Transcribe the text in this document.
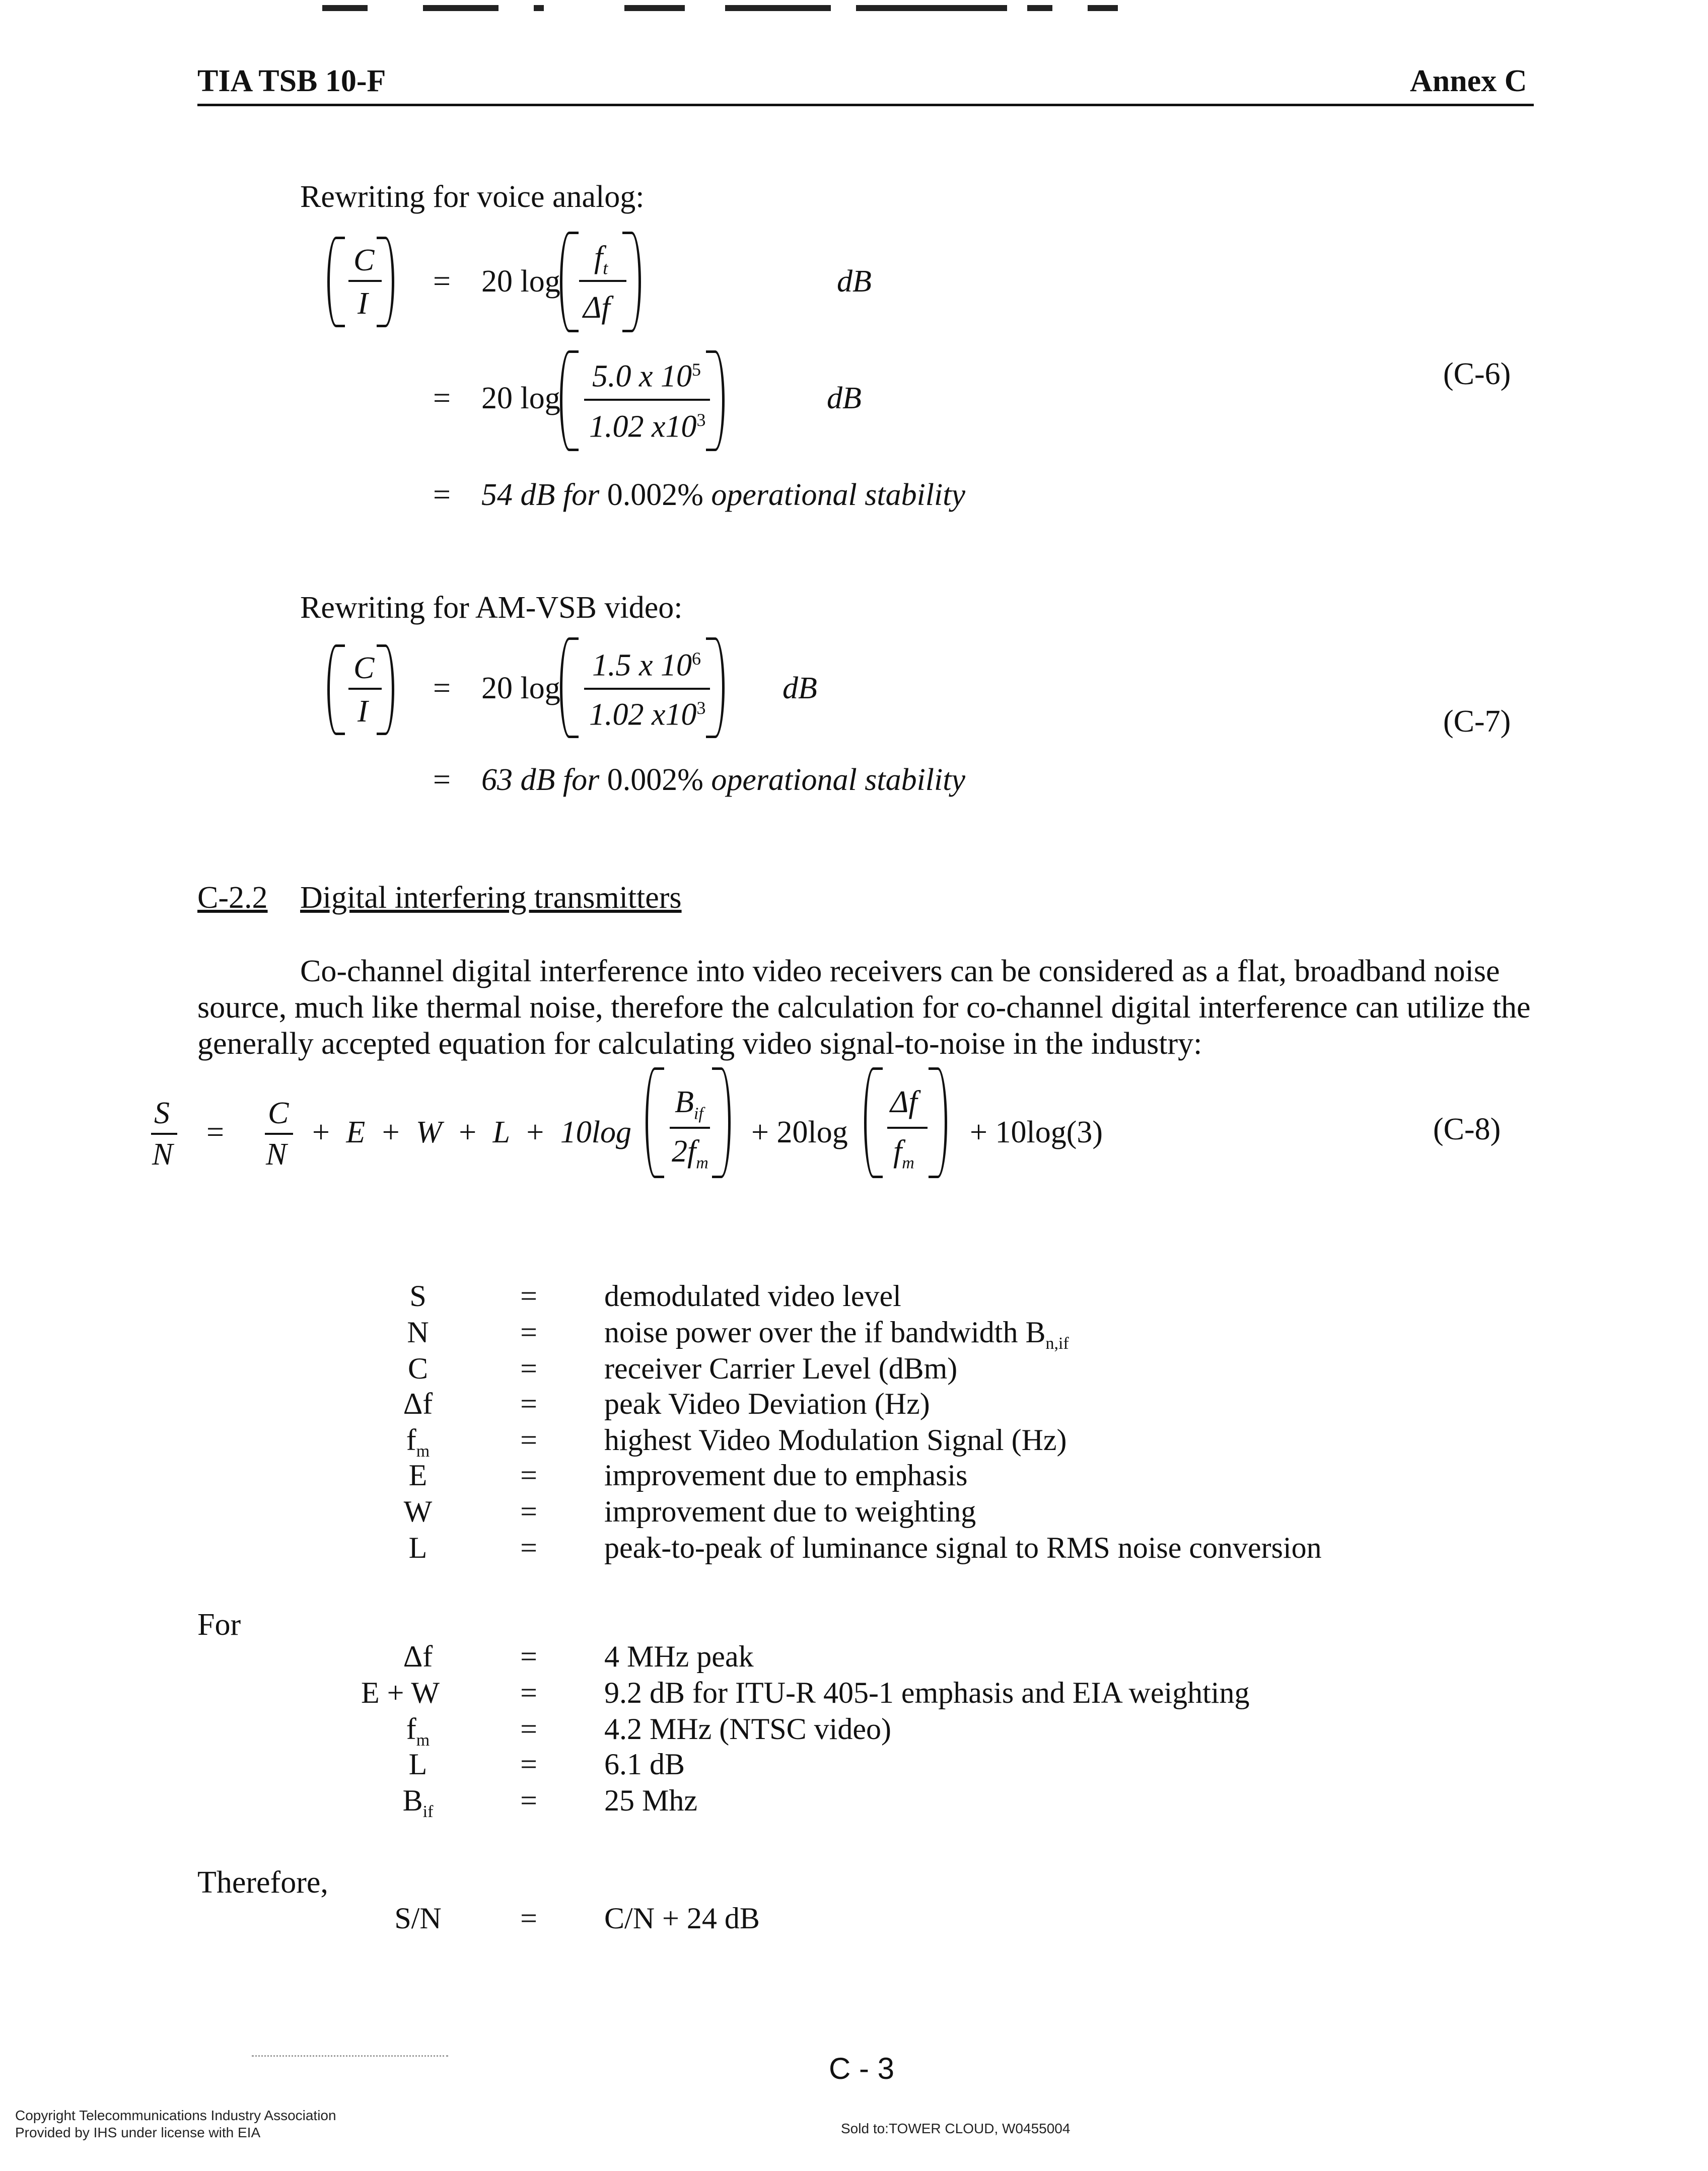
TIA TSB 10-F	Annex C
Rewriting for voice analog:
C
I
= 20 log
$f_t$
Δf
dB
= 20 log
5.0 x $10^5$
1.02 $x10^3$
dB
= 54 dB for 0.002% operational stability
(C-6)
Rewriting for AM-VSB video:
C
I
= 20 log
1.5 x $10^6$
1.02 $x10^3$
dB
= 63 dB for 0.002% operational stability
(C-7)
C-2.2 Digital interfering transmitters
Co-channel digital interference into video receivers can be considered as a flat, broadband noise
source, much like thermal noise, therefore the calculation for co-channel digital interference can utilize the
generally accepted equation for calculating video signal-to-noise in the industry:
S
N
=
C
N
+ E + W + L + 10log
$B_{if}$
$2f_m$
+ 20log
Δf
$f_m$
+ 10log(3)	(C-8)
S	=	demodulated video level
N	=	noise power over the if bandwidth $B_{n,if}$
C	=	receiver Carrier Level (dBm)
Δf	=	peak Video Deviation (Hz)
$f_m$	=	highest Video Modulation Signal (Hz)
E	=	improvement due to emphasis
W	=	improvement due to weighting
L	=	peak-to-peak of luminance signal to RMS noise conversion
For
Δf	=	4 MHz peak
E + W	=	9.2 dB for ITU-R 405-1 emphasis and EIA weighting
$f_m$	=	4.2 MHz (NTSC video)
L	=	6.1 dB
$B_{if}$	=	25 Mhz
Therefore,
S/N	=	C/N + 24 dB
C - 3
Copyright Telecommunications Industry Association
Provided by IHS under license with EIA	Sold to:TOWER CLOUD, W0455004
